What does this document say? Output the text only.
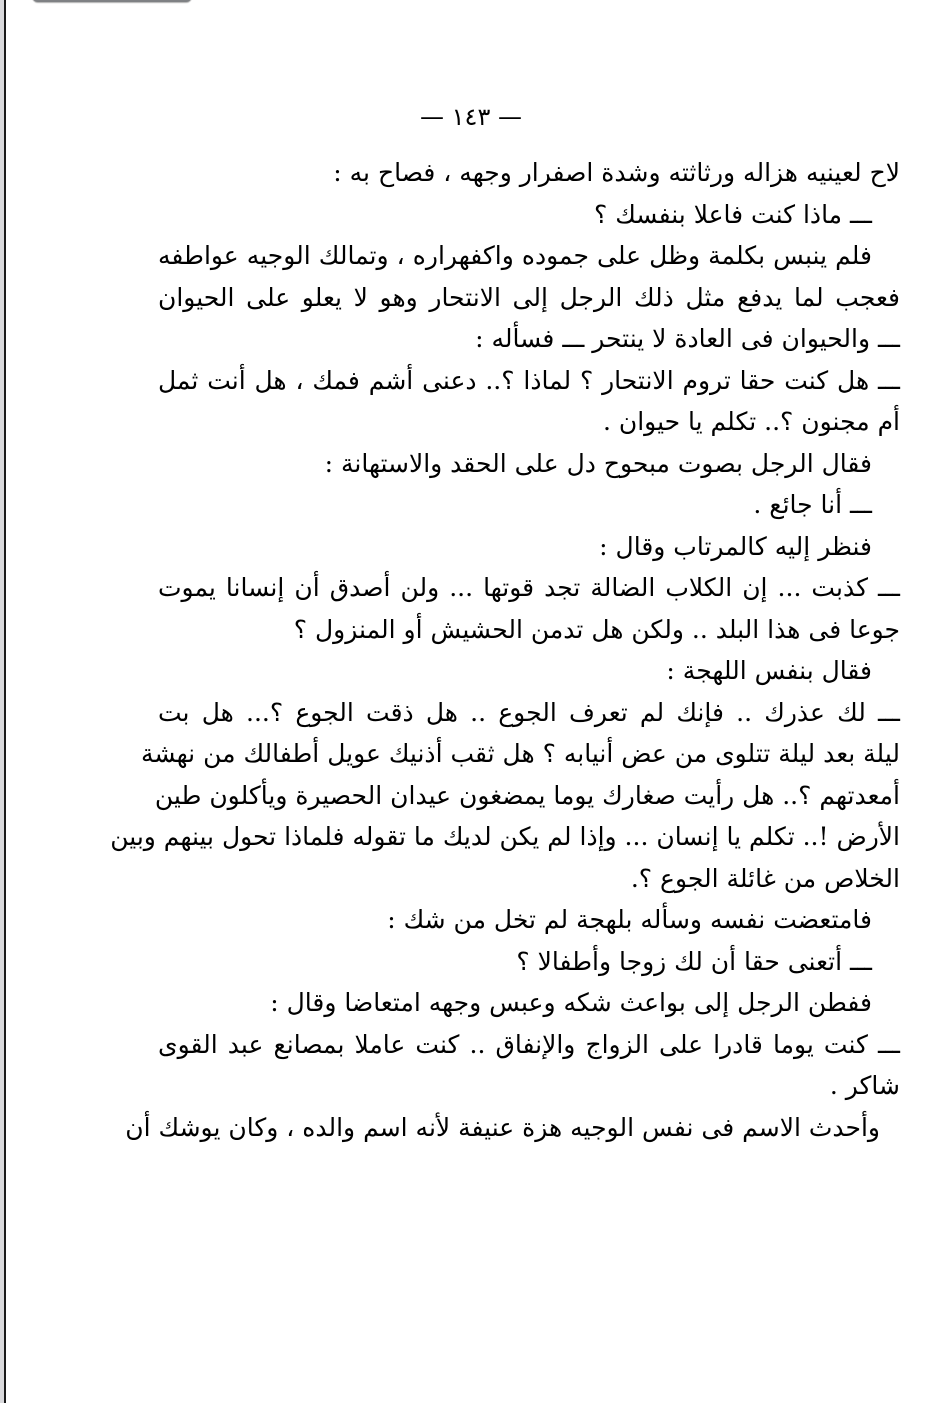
— ١٤٣ —
لاح لعينيه هزاله ورثاثته وشدة اصفرار وجهه ، فصاح به :
ـــ ماذا كنت فاعلا بنفسك ؟
فلم ينبس بكلمة وظل على جموده واكفهراره ، وتمالك الوجيه عواطفه
فعجب لما يدفع مثل ذلك الرجل إلى الانتحار وهو لا يعلو على الحيوان
ـــ والحيوان فى العادة لا ينتحر ـــ فسأله :
ـــ هل كنت حقا تروم الانتحار ؟ لماذا ؟.. دعنى أشم فمك ، هل أنت ثمل
أم مجنون ؟.. تكلم يا حيوان .
فقال الرجل بصوت مبحوح دل على الحقد والاستهانة :
ـــ أنا جائع .
فنظر إليه كالمرتاب وقال :
ـــ كذبت ... إن الكلاب الضالة تجد قوتها ... ولن أصدق أن إنسانا يموت
جوعا فى هذا البلد .. ولكن هل تدمن الحشيش أو المنزول ؟
فقال بنفس اللهجة :
ـــ لك عذرك .. فإنك لم تعرف الجوع .. هل ذقت الجوع ؟... هل بت
ليلة بعد ليلة تتلوى من عض أنيابه ؟ هل ثقب أذنيك عويل أطفالك من نهشة
أمعدتهم ؟.. هل رأيت صغارك يوما يمضغون عيدان الحصيرة ويأكلون طين
الأرض !.. تكلم يا إنسان ... وإذا لم يكن لديك ما تقوله فلماذا تحول بينهم وبين
الخلاص من غائلة الجوع ؟.
فامتعضت نفسه وسأله بلهجة لم تخل من شك :
ـــ أتعنى حقا أن لك زوجا وأطفالا ؟
ففطن الرجل إلى بواعث شكه وعبس وجهه امتعاضا وقال :
ـــ كنت يوما قادرا على الزواج والإنفاق .. كنت عاملا بمصانع عبد القوى
شاكر .
وأحدث الاسم فى نفس الوجيه هزة عنيفة لأنه اسم والده ، وكان يوشك أن
